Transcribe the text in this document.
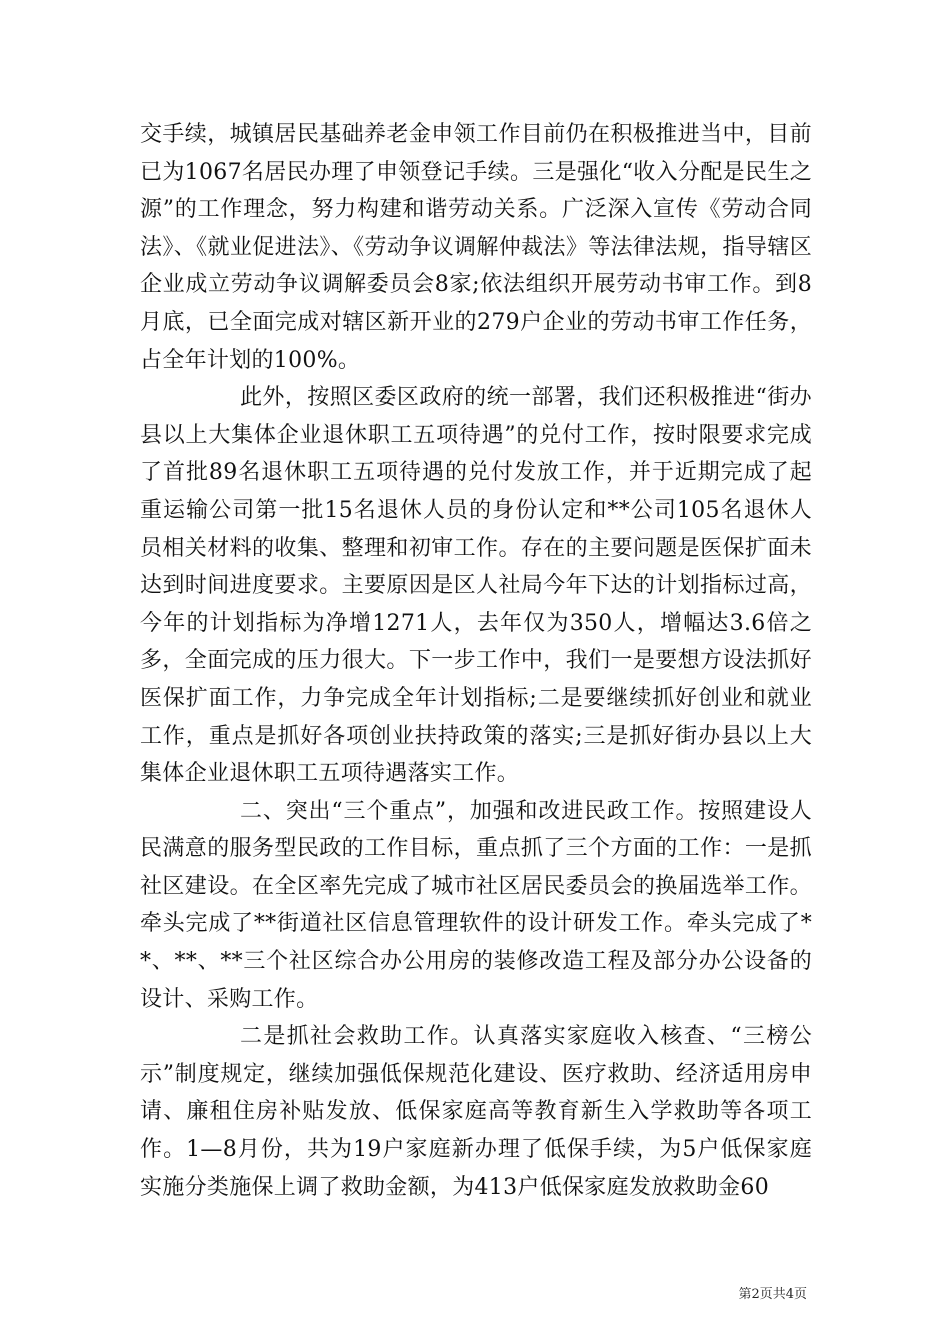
交手续，城镇居民基础养老金申领工作目前仍在积极推进当中，目前已为1067名居民办理了申领登记手续。三是强化“收入分配是民生之源”的工作理念，努力构建和谐劳动关系。广泛深入宣传《劳动合同法》、《就业促进法》、《劳动争议调解仲裁法》等法律法规，指导辖区企业成立劳动争议调解委员会8家;依法组织开展劳动书审工作。到8月底，已全面完成对辖区新开业的279户企业的劳动书审工作任务，占全年计划的100%。

此外，按照区委区政府的统一部署，我们还积极推进“街办县以上大集体企业退休职工五项待遇”的兑付工作，按时限要求完成了首批89名退休职工五项待遇的兑付发放工作，并于近期完成了起重运输公司第一批15名退休人员的身份认定和**公司105名退休人员相关材料的收集、整理和初审工作。存在的主要问题是医保扩面未达到时间进度要求。主要原因是区人社局今年下达的计划指标过高，今年的计划指标为净增1271人，去年仅为350人，增幅达3.6倍之多，全面完成的压力很大。下一步工作中，我们一是要想方设法抓好医保扩面工作，力争完成全年计划指标;二是要继续抓好创业和就业工作，重点是抓好各项创业扶持政策的落实;三是抓好街办县以上大集体企业退休职工五项待遇落实工作。

二、突出“三个重点”，加强和改进民政工作。按照建设人民满意的服务型民政的工作目标，重点抓了三个方面的工作：一是抓社区建设。在全区率先完成了城市社区居民委员会的换届选举工作。牵头完成了**街道社区信息管理软件的设计研发工作。牵头完成了**、**、**三个社区综合办公用房的装修改造工程及部分办公设备的设计、采购工作。

二是抓社会救助工作。认真落实家庭收入核查、“三榜公示”制度规定，继续加强低保规范化建设、医疗救助、经济适用房申请、廉租住房补贴发放、低保家庭高等教育新生入学救助等各项工作。1—8月份，共为19户家庭新办理了低保手续，为5户低保家庭实施分类施保上调了救助金额，为413户低保家庭发放救助金60

第2页共4页
